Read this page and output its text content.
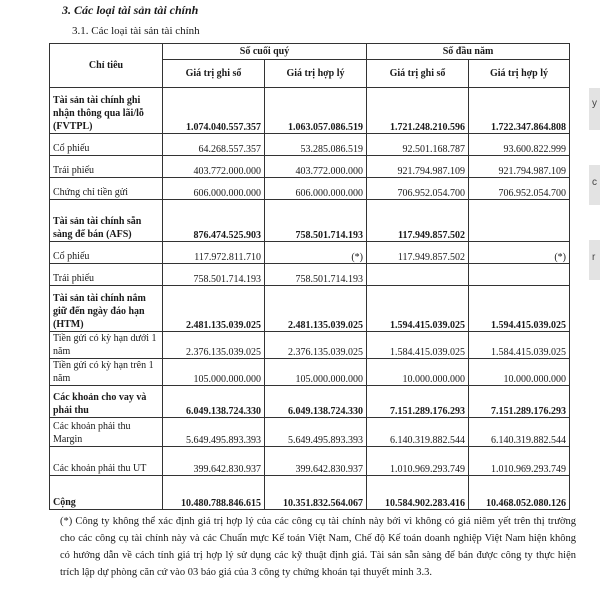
3. Các loại tài sản tài chính
3.1. Các loại tài sản tài chính
Chỉ tiêu	Số cuối quý		Số đầu năm	
	Giá trị ghi sổ	Giá trị hợp lý	Giá trị ghi sổ	Giá trị hợp lý
Tài sản tài chính ghi nhận thông qua lãi/lỗ (FVTPL)	1.074.040.557.357	1.063.057.086.519	1.721.248.210.596	1.722.347.864.808
Cổ phiếu	64.268.557.357	53.285.086.519	92.501.168.787	93.600.822.999
Trái phiếu	403.772.000.000	403.772.000.000	921.794.987.109	921.794.987.109
Chứng chỉ tiền gửi	606.000.000.000	606.000.000.000	706.952.054.700	706.952.054.700
Tài sản tài chính sẵn sàng để bán (AFS)	876.474.525.903	758.501.714.193	117.949.857.502	
Cổ phiếu	117.972.811.710	(*)	117.949.857.502	(*)
Trái phiếu	758.501.714.193	758.501.714.193		
Tài sản tài chính nắm giữ đến ngày đáo hạn (HTM)	2.481.135.039.025	2.481.135.039.025	1.594.415.039.025	1.594.415.039.025
Tiền gửi có kỳ hạn dưới 1 năm	2.376.135.039.025	2.376.135.039.025	1.584.415.039.025	1.584.415.039.025
Tiền gửi có kỳ hạn trên 1 năm	105.000.000.000	105.000.000.000	10.000.000.000	10.000.000.000
Các khoản cho vay và phải thu	6.049.138.724.330	6.049.138.724.330	7.151.289.176.293	7.151.289.176.293
Các khoản phải thu Margin	5.649.495.893.393	5.649.495.893.393	6.140.319.882.544	6.140.319.882.544
Các khoản phải thu UT	399.642.830.937	399.642.830.937	1.010.969.293.749	1.010.969.293.749
Cộng	10.480.788.846.615	10.351.832.564.067	10.584.902.283.416	10.468.052.080.126
(*) Công ty không thể xác định giá trị hợp lý của các công cụ tài chính này bởi vì không có giá niêm yết trên thị trường cho các công cụ tài chính này và các Chuẩn mực Kế toán Việt Nam, Chế độ Kế toán doanh nghiệp Việt Nam hiện không có hướng dẫn về cách tính giá trị hợp lý sử dụng các kỹ thuật định giá. Tài sản sẵn sàng để bán được công ty thực hiện trích lập dự phòng căn cứ vào 03 báo giá của 3 công ty chứng khoán tại thuyết minh 3.3.
y
c
r
